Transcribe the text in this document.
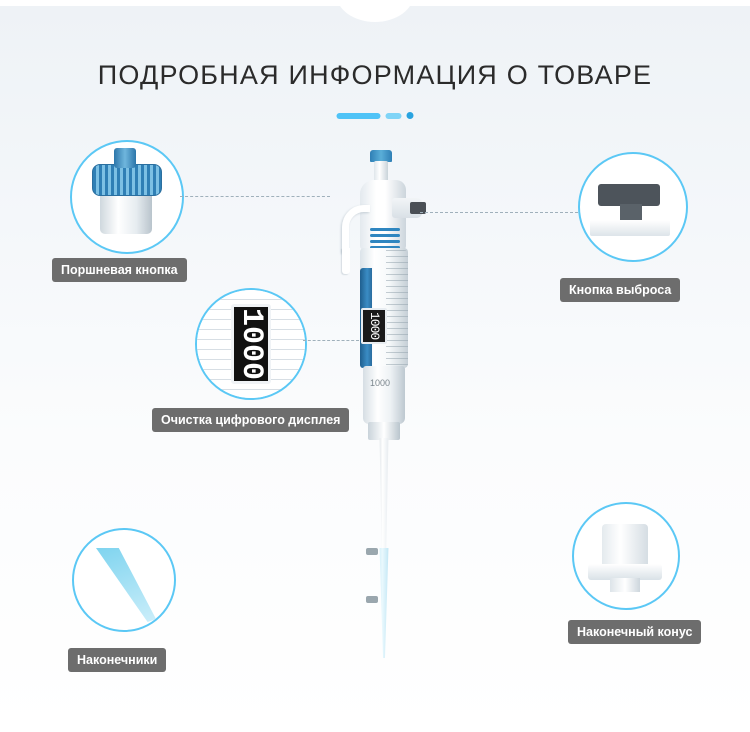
ПОДРОБНАЯ ИНФОРМАЦИЯ О ТОВАРЕ
1000
1000
Поршневая кнопка
1000
Очистка цифрового дисплея
Кнопка выброса
Наконечники
Наконечный конус
